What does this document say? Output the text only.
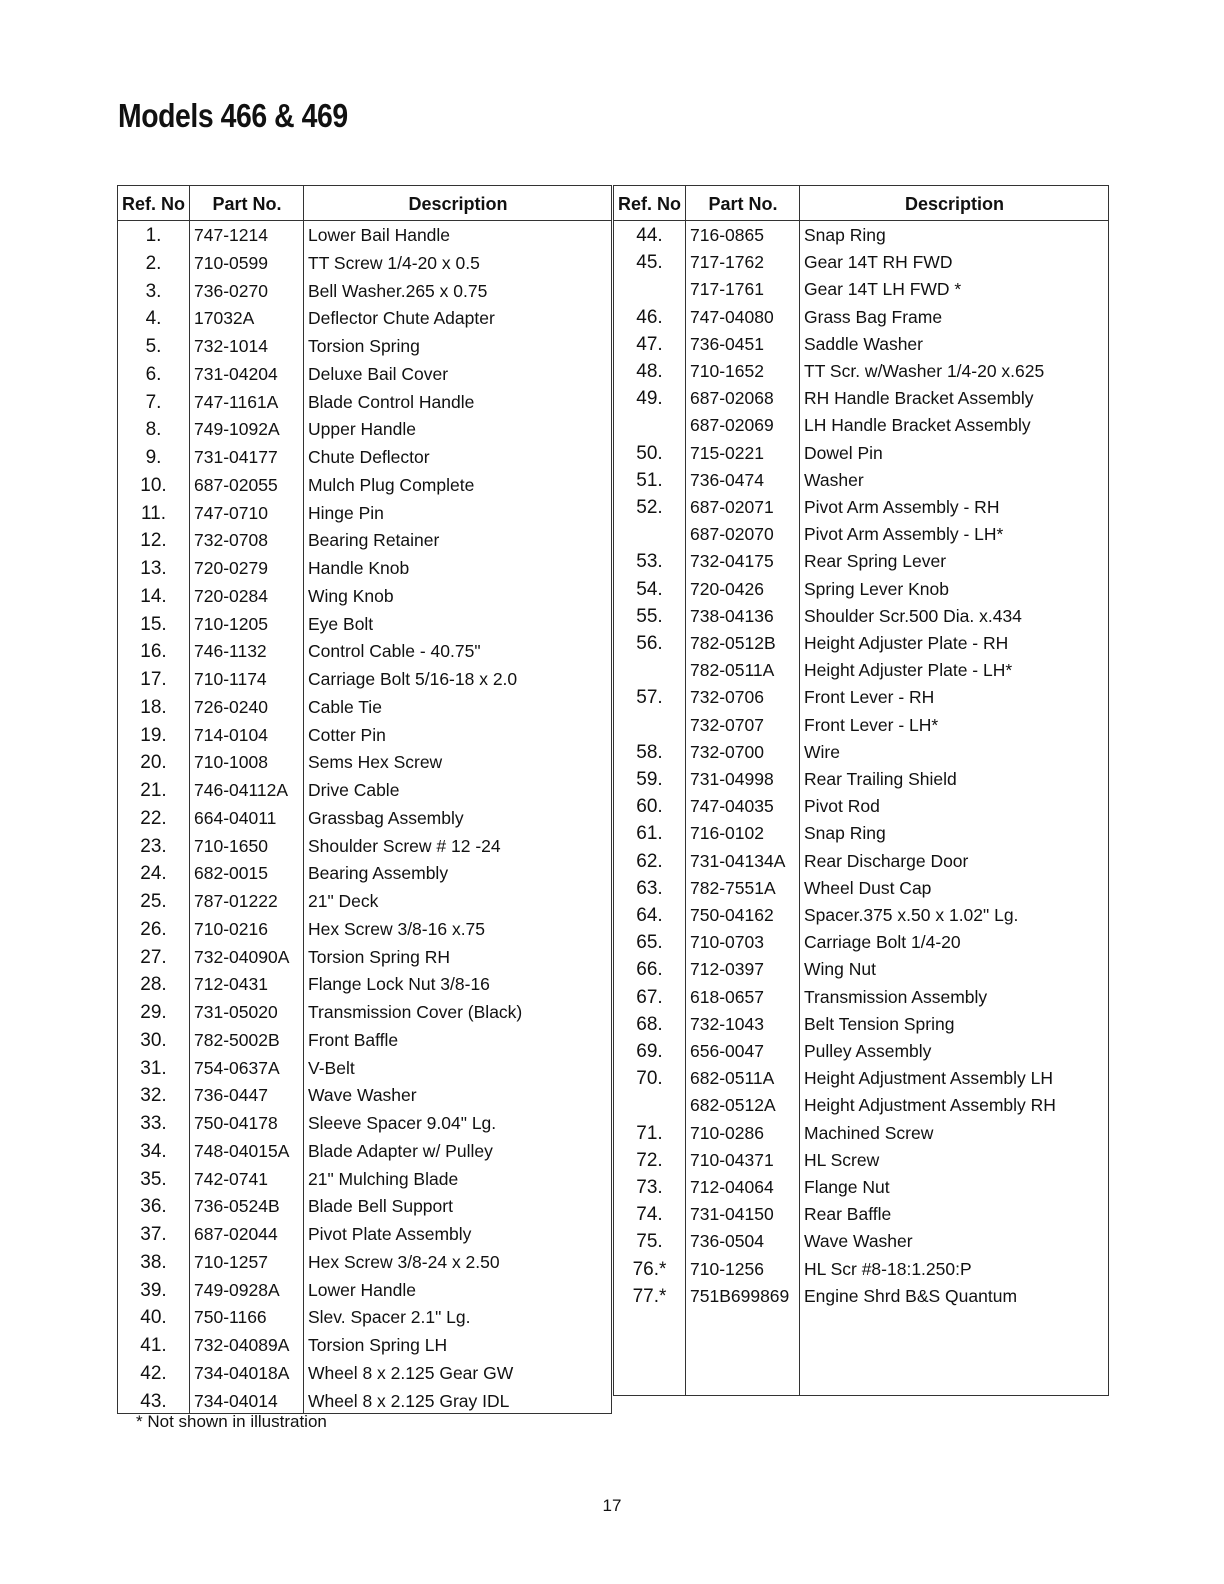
Models 466 & 469
Ref. No	Part No.	Description
1.	747-1214 Lower Bail Handle
2.	710-0599 TT Screw 1/4-20 x 0.5
3.	736-0270 Bell Washer.265 x 0.75
4.	17032A	Deflector Chute Adapter
5.	732-1014 Torsion Spring
6.	731-04204 Deluxe Bail Cover
7.	747-1161A Blade Control Handle
8.	749-1092A Upper Handle
9.	731-04177 Chute Deflector
10.	687-02055 Mulch Plug Complete
11.	747-0710 Hinge Pin
12.	732-0708 Bearing Retainer
13.	720-0279 Handle Knob
14.	720-0284 Wing Knob
15.	710-1205 Eye Bolt
16.	746-1132 Control Cable - 40.75"
17.	710-1174 Carriage Bolt 5/16-18 x 2.0
18.	726-0240 Cable Tie
19.	714-0104 Cotter Pin
20.	710-1008 Sems Hex Screw
21.	746-04112A Drive Cable
22.	664-04011 Grassbag Assembly
23.	710-1650 Shoulder Screw # 12 -24
24.	682-0015 Bearing Assembly
25.	787-01222 21" Deck
26.	710-0216 Hex Screw 3/8-16 x.75
27.	732-04090A Torsion Spring RH
28.	712-0431 Flange Lock Nut 3/8-16
29.	731-05020 Transmission Cover (Black)
30.	782-5002B Front Baffle
31.	754-0637A V-Belt
32.	736-0447 Wave Washer
33.	750-04178 Sleeve Spacer 9.04" Lg.
34.	748-04015A Blade Adapter w/ Pulley
35.	742-0741 21" Mulching Blade
36.	736-0524B Blade Bell Support
37.	687-02044 Pivot Plate Assembly
38.	710-1257 Hex Screw 3/8-24 x 2.50
39.	749-0928A Lower Handle
40.	750-1166 Slev. Spacer 2.1" Lg.
41.	732-04089A Torsion Spring LH
42.	734-04018A Wheel 8 x 2.125 Gear GW
43.	734-04014 Wheel 8 x 2.125 Gray IDL
Ref. No	Part No.	Description
44.	716-0865 Snap Ring
45.	717-1762 Gear 14T RH FWD
717-1761 Gear 14T LH FWD *
46.	747-04080 Grass Bag Frame
47.	736-0451 Saddle Washer
48.	710-1652 TT Scr. w/Washer 1/4-20 x.625
49.	687-02068 RH Handle Bracket Assembly
687-02069 LH Handle Bracket Assembly
50.	715-0221 Dowel Pin
51.	736-0474 Washer
52.	687-02071 Pivot Arm Assembly - RH
687-02070 Pivot Arm Assembly - LH*
53.	732-04175 Rear Spring Lever
54.	720-0426 Spring Lever Knob
55.	738-04136 Shoulder Scr.500 Dia. x.434
56.	782-0512B Height Adjuster Plate - RH
782-0511A Height Adjuster Plate - LH*
57.	732-0706 Front Lever - RH
732-0707 Front Lever - LH*
58.	732-0700 Wire
59.	731-04998 Rear Trailing Shield
60.	747-04035 Pivot Rod
61.	716-0102 Snap Ring
62.	731-04134A Rear Discharge Door
63.	782-7551A Wheel Dust Cap
64.	750-04162 Spacer.375 x.50 x 1.02" Lg.
65.	710-0703 Carriage Bolt 1/4-20
66.	712-0397 Wing Nut
67.	618-0657 Transmission Assembly
68.	732-1043 Belt Tension Spring
69.	656-0047 Pulley Assembly
70.	682-0511A Height Adjustment Assembly LH
682-0512A Height Adjustment Assembly RH
71.	710-0286 Machined Screw
72.	710-04371 HL Screw
73.	712-04064 Flange Nut
74.	731-04150 Rear Baffle
75.	736-0504 Wave Washer
76.*	710-1256 HL Scr #8-18:1.250:P
77.*	751B699869 Engine Shrd B&S Quantum
* Not shown in illustration
17
